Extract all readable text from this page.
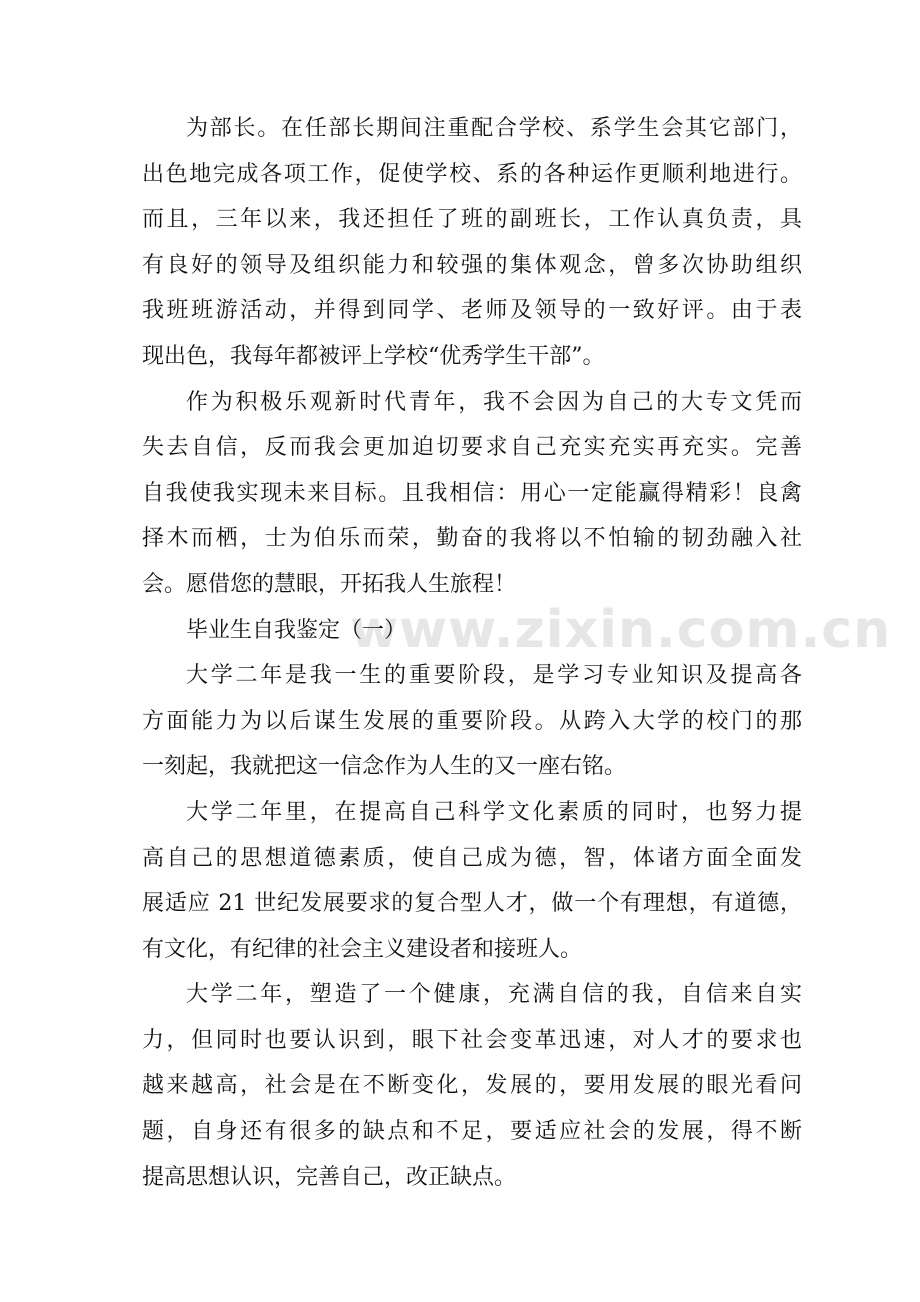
www.zixin.com.cn
为部长。在任部长期间注重配合学校、系学生会其它部门，
出色地完成各项工作，促使学校、系的各种运作更顺利地进行。
而且，三年以来，我还担任了班的副班长，工作认真负责，具
有良好的领导及组织能力和较强的集体观念，曾多次协助组织
我班班游活动，并得到同学、老师及领导的一致好评。由于表
现出色，我每年都被评上学校“优秀学生干部”。
作为积极乐观新时代青年，我不会因为自己的大专文凭而
失去自信，反而我会更加迫切要求自己充实充实再充实。完善
自我使我实现未来目标。且我相信：用心一定能赢得精彩！良禽
择木而栖，士为伯乐而荣，勤奋的我将以不怕输的韧劲融入社
会。愿借您的慧眼，开拓我人生旅程！
毕业生自我鉴定（一）
大学二年是我一生的重要阶段，是学习专业知识及提高各
方面能力为以后谋生发展的重要阶段。从跨入大学的校门的那
一刻起，我就把这一信念作为人生的又一座右铭。
大学二年里，在提高自己科学文化素质的同时，也努力提
高自己的思想道德素质，使自己成为德，智，体诸方面全面发
展适应 21 世纪发展要求的复合型人才，做一个有理想，有道德，
有文化，有纪律的社会主义建设者和接班人。
大学二年，塑造了一个健康，充满自信的我，自信来自实
力，但同时也要认识到，眼下社会变革迅速，对人才的要求也
越来越高，社会是在不断变化，发展的，要用发展的眼光看问
题，自身还有很多的缺点和不足，要适应社会的发展，得不断
提高思想认识，完善自己，改正缺点。
